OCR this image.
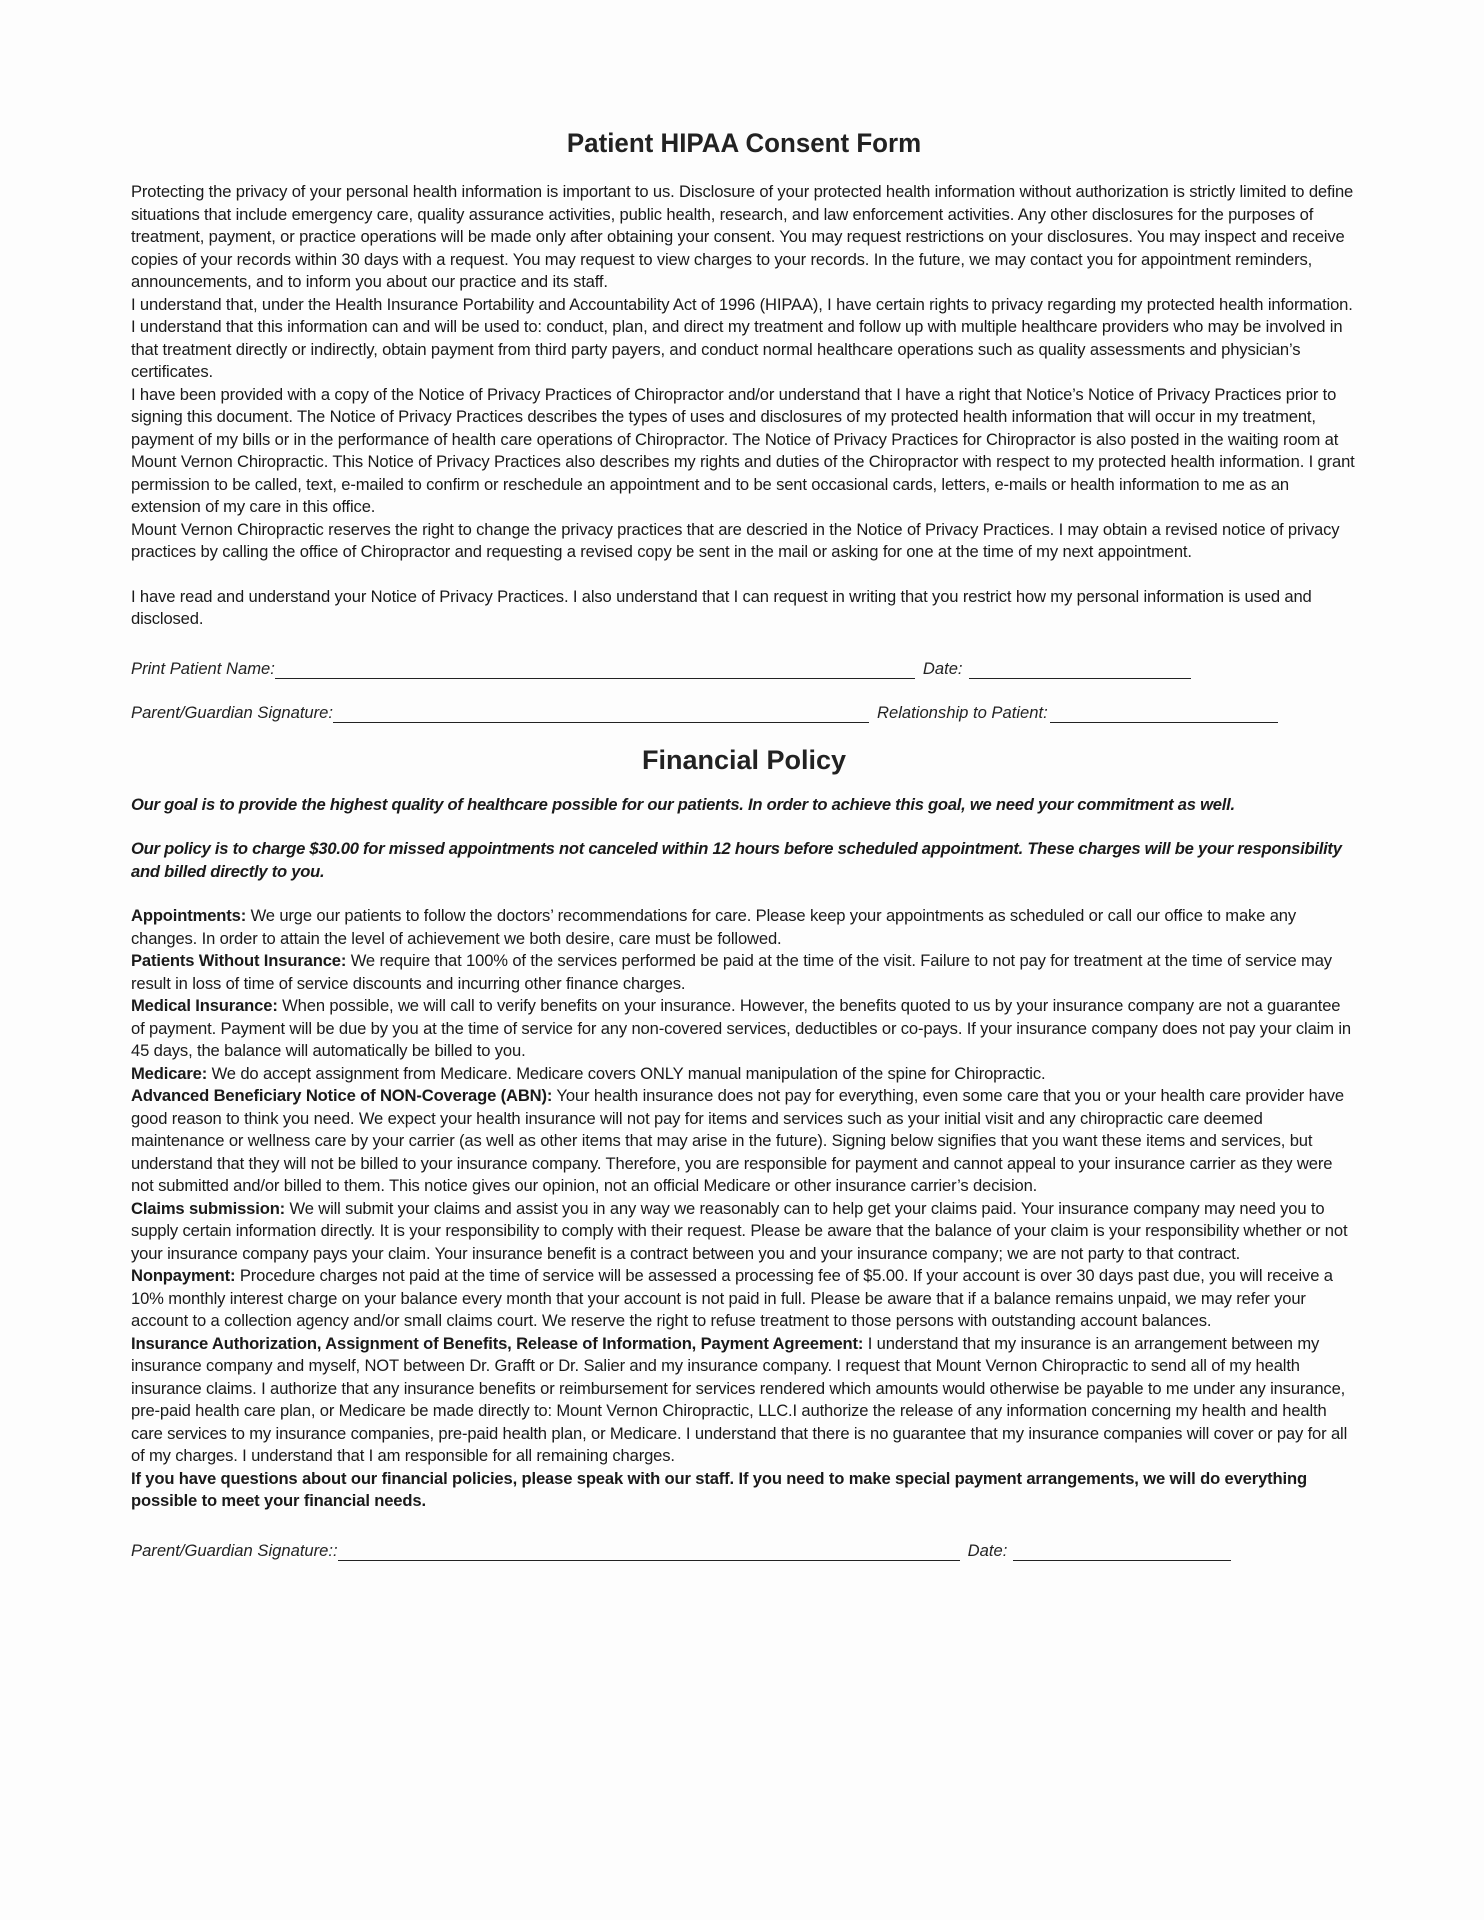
Patient HIPAA Consent Form

Protecting the privacy of your personal health information is important to us. Disclosure of your protected health information without authorization is strictly limited to define situations that include emergency care, quality assurance activities, public health, research, and law enforcement activities. Any other disclosures for the purposes of treatment, payment, or practice operations will be made only after obtaining your consent. You may request restrictions on your disclosures. You may inspect and receive copies of your records within 30 days with a request. You may request to view charges to your records. In the future, we may contact you for appointment reminders, announcements, and to inform you about our practice and its staff.

I understand that, under the Health Insurance Portability and Accountability Act of 1996 (HIPAA), I have certain rights to privacy regarding my protected health information. I understand that this information can and will be used to: conduct, plan, and direct my treatment and follow up with multiple healthcare providers who may be involved in that treatment directly or indirectly, obtain payment from third party payers, and conduct normal healthcare operations such as quality assessments and physician’s certificates.

I have been provided with a copy of the Notice of Privacy Practices of Chiropractor and/or understand that I have a right that Notice’s Notice of Privacy Practices prior to signing this document. The Notice of Privacy Practices describes the types of uses and disclosures of my protected health information that will occur in my treatment, payment of my bills or in the performance of health care operations of Chiropractor. The Notice of Privacy Practices for Chiropractor is also posted in the waiting room at Mount Vernon Chiropractic. This Notice of Privacy Practices also describes my rights and duties of the Chiropractor with respect to my protected health information. I grant permission to be called, text, e-mailed to confirm or reschedule an appointment and to be sent occasional cards, letters, e-mails or health information to me as an extension of my care in this office.

Mount Vernon Chiropractic reserves the right to change the privacy practices that are descried in the Notice of Privacy Practices. I may obtain a revised notice of privacy practices by calling the office of Chiropractor and requesting a revised copy be sent in the mail or asking for one at the time of my next appointment.

I have read and understand your Notice of Privacy Practices. I also understand that I can request in writing that you restrict how my personal information is used and disclosed.

Print Patient Name:	Date:
Parent/Guardian Signature:	Relationship to Patient:
Financial Policy

Our goal is to provide the highest quality of healthcare possible for our patients. In order to achieve this goal, we need your commitment as well.

Our policy is to charge $30.00 for missed appointments not canceled within 12 hours before scheduled appointment. These charges will be your responsibility and billed directly to you.

Appointments: We urge our patients to follow the doctors’ recommendations for care. Please keep your appointments as scheduled or call our office to make any changes. In order to attain the level of achievement we both desire, care must be followed.

Patients Without Insurance: We require that 100% of the services performed be paid at the time of the visit. Failure to not pay for treatment at the time of service may result in loss of time of service discounts and incurring other finance charges.

Medical Insurance: When possible, we will call to verify benefits on your insurance. However, the benefits quoted to us by your insurance company are not a guarantee of payment. Payment will be due by you at the time of service for any non-covered services, deductibles or co-pays. If your insurance company does not pay your claim in 45 days, the balance will automatically be billed to you.

Medicare: We do accept assignment from Medicare. Medicare covers ONLY manual manipulation of the spine for Chiropractic.

Advanced Beneficiary Notice of NON-Coverage (ABN): Your health insurance does not pay for everything, even some care that you or your health care provider have good reason to think you need. We expect your health insurance will not pay for items and services such as your initial visit and any chiropractic care deemed maintenance or wellness care by your carrier (as well as other items that may arise in the future). Signing below signifies that you want these items and services, but understand that they will not be billed to your insurance company. Therefore, you are responsible for payment and cannot appeal to your insurance carrier as they were not submitted and/or billed to them. This notice gives our opinion, not an official Medicare or other insurance carrier’s decision.

Claims submission: We will submit your claims and assist you in any way we reasonably can to help get your claims paid. Your insurance company may need you to supply certain information directly. It is your responsibility to comply with their request. Please be aware that the balance of your claim is your responsibility whether or not your insurance company pays your claim. Your insurance benefit is a contract between you and your insurance company; we are not party to that contract.

Nonpayment: Procedure charges not paid at the time of service will be assessed a processing fee of $5.00. If your account is over 30 days past due, you will receive a 10% monthly interest charge on your balance every month that your account is not paid in full. Please be aware that if a balance remains unpaid, we may refer your account to a collection agency and/or small claims court. We reserve the right to refuse treatment to those persons with outstanding account balances.

Insurance Authorization, Assignment of Benefits, Release of Information, Payment Agreement: I understand that my insurance is an arrangement between my insurance company and myself, NOT between Dr. Grafft or Dr. Salier and my insurance company. I request that Mount Vernon Chiropractic to send all of my health insurance claims. I authorize that any insurance benefits or reimbursement for services rendered which amounts would otherwise be payable to me under any insurance, pre-paid health care plan, or Medicare be made directly to: Mount Vernon Chiropractic, LLC.I authorize the release of any information concerning my health and health care services to my insurance companies, pre-paid health plan, or Medicare. I understand that there is no guarantee that my insurance companies will cover or pay for all of my charges. I understand that I am responsible for all remaining charges.

If you have questions about our financial policies, please speak with our staff. If you need to make special payment arrangements, we will do everything possible to meet your financial needs.

Parent/Guardian Signature::	Date:
